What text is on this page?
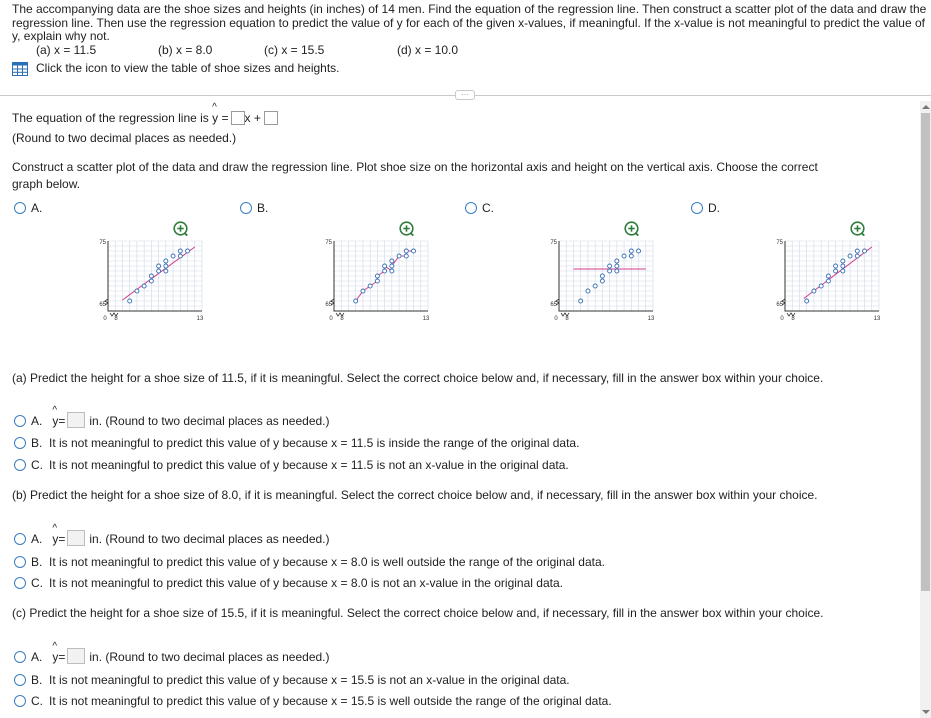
The accompanying data are the shoe sizes and heights (in inches) of 14 men. Find the equation of the regression line. Then construct a scatter plot of the data and draw the regression line. Then use the regression equation to predict the value of y for each of the given x-values, if meaningful. If the x-value is not meaningful to predict the value of y, explain why not.
(a) x = 11.5	(b) x = 8.0	(c) x = 15.5	(d) x = 10.0
Click the icon to view the table of shoe sizes and heights.
···
The equation of the regression line is ^ y = x +
(Round to two decimal places as needed.)
Construct a scatter plot of the data and draw the regression line. Plot shoe size on the horizontal axis and height on the vertical axis. Choose the correct
graph below.
A.
75
65
0 8	13
B.
75
65
0 8	13
C.
75
65
0 8	13
D.
75
65
0 8	13
(a) Predict the height for a shoe size of 11.5, if it is meaningful. Select the correct choice below and, if necessary, fill in the answer box within your choice.
A. ^ y= in. (Round to two decimal places as needed.)
B. It is not meaningful to predict this value of y because x = 11.5 is inside the range of the original data.
C. It is not meaningful to predict this value of y because x = 11.5 is not an x-value in the original data.
(b) Predict the height for a shoe size of 8.0, if it is meaningful. Select the correct choice below and, if necessary, fill in the answer box within your choice.
A. ^ y= in. (Round to two decimal places as needed.)
B. It is not meaningful to predict this value of y because x = 8.0 is well outside the range of the original data.
C. It is not meaningful to predict this value of y because x = 8.0 is not an x-value in the original data.
(c) Predict the height for a shoe size of 15.5, if it is meaningful. Select the correct choice below and, if necessary, fill in the answer box within your choice.
A. ^ y= in. (Round to two decimal places as needed.)
B. It is not meaningful to predict this value of y because x = 15.5 is not an x-value in the original data.
C. It is not meaningful to predict this value of y because x = 15.5 is well outside the range of the original data.
